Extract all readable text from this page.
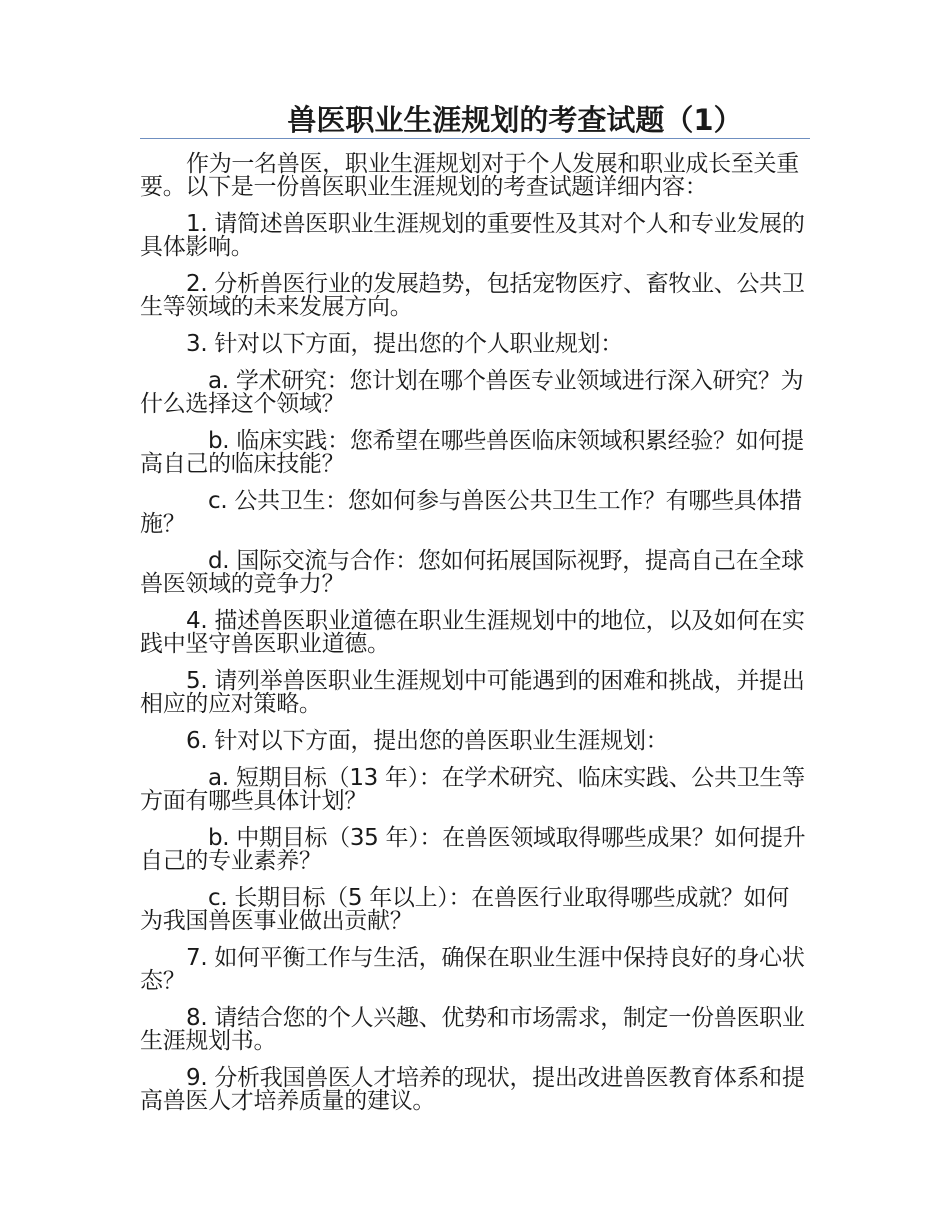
兽医职业生涯规划的考查试题（1）

作为一名兽医，职业生涯规划对于个人发展和职业成长至关重要。以下是一份兽医职业生涯规划的考查试题详细内容：

1. 请简述兽医职业生涯规划的重要性及其对个人和专业发展的具体影响。

2. 分析兽医行业的发展趋势，包括宠物医疗、畜牧业、公共卫生等领域的未来发展方向。

3. 针对以下方面，提出您的个人职业规划：

a. 学术研究：您计划在哪个兽医专业领域进行深入研究？为什么选择这个领域？

b. 临床实践：您希望在哪些兽医临床领域积累经验？如何提高自己的临床技能？

c. 公共卫生：您如何参与兽医公共卫生工作？有哪些具体措施？

d. 国际交流与合作：您如何拓展国际视野，提高自己在全球兽医领域的竞争力？

4. 描述兽医职业道德在职业生涯规划中的地位，以及如何在实践中坚守兽医职业道德。

5. 请列举兽医职业生涯规划中可能遇到的困难和挑战，并提出相应的应对策略。

6. 针对以下方面，提出您的兽医职业生涯规划：

a. 短期目标（13 年）：在学术研究、临床实践、公共卫生等方面有哪些具体计划？

b. 中期目标（35 年）：在兽医领域取得哪些成果？如何提升自己的专业素养？

c. 长期目标（5 年以上）：在兽医行业取得哪些成就？如何为我国兽医事业做出贡献？

7. 如何平衡工作与生活，确保在职业生涯中保持良好的身心状态？

8. 请结合您的个人兴趣、优势和市场需求，制定一份兽医职业生涯规划书。

9. 分析我国兽医人才培养的现状，提出改进兽医教育体系和提高兽医人才培养质量的建议。
